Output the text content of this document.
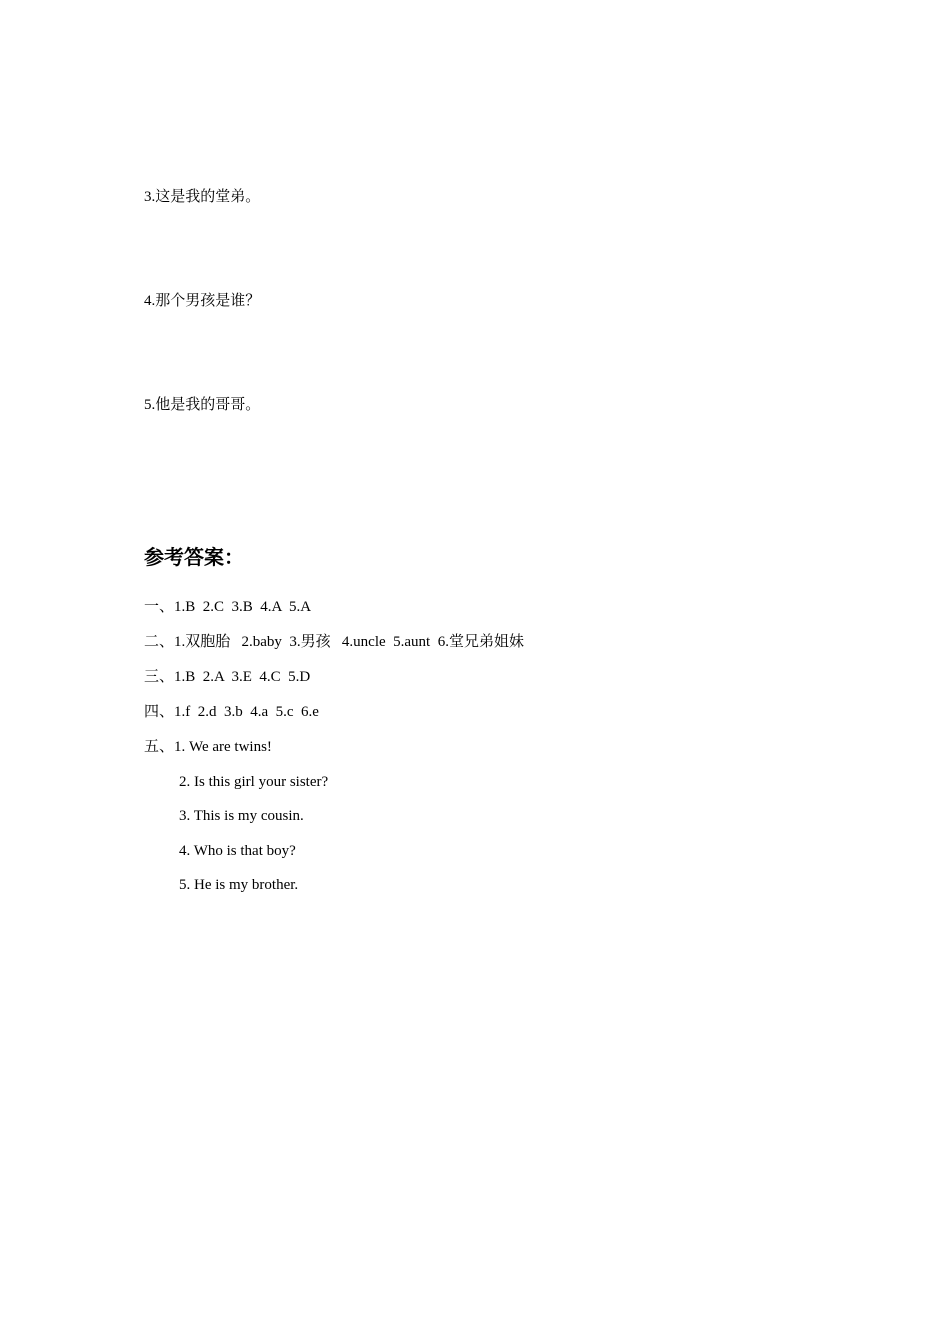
3.这是我的堂弟。
4.那个男孩是谁？
5.他是我的哥哥。
参考答案：
一、1.B  2.C  3.B  4.A  5.A
二、1.双胞胎   2.baby  3.男孩   4.uncle  5.aunt  6.堂兄弟姐妹
三、1.B  2.A  3.E  4.C  5.D
四、1.f  2.d  3.b  4.a  5.c  6.e
五、1. We are twins!
2. Is this girl your sister?
3. This is my cousin.
4. Who is that boy?
5. He is my brother.
